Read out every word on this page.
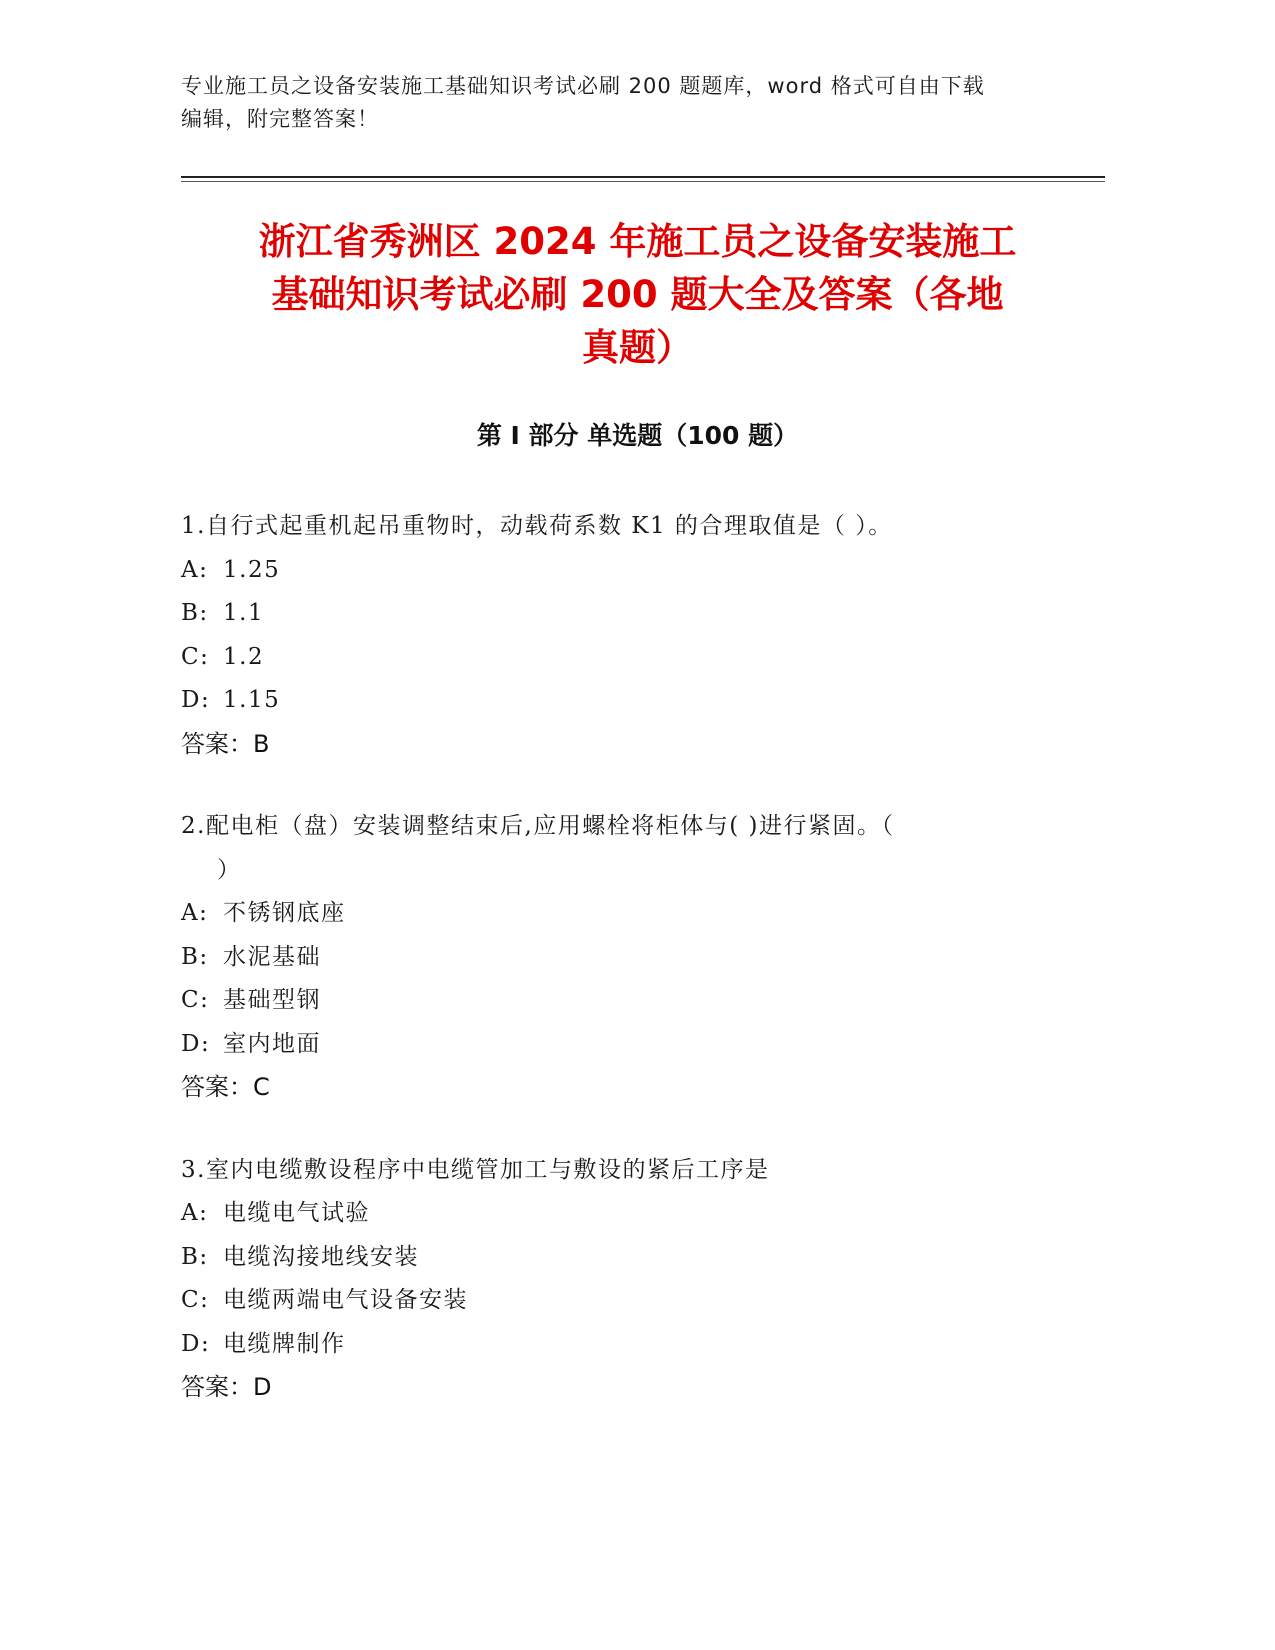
专业施工员之设备安装施工基础知识考试必刷 200 题题库，word 格式可自由下载
编辑，附完整答案！
浙江省秀洲区 2024 年施工员之设备安装施工
基础知识考试必刷 200 题大全及答案（各地
真题）
第 I 部分 单选题（100 题）
1.自行式起重机起吊重物时，动载荷系数 K1 的合理取值是（ ）。
A: 1.25
B: 1.1
C: 1.2
D: 1.15
答案：B
2.配电柜（盘）安装调整结束后,应用螺栓将柜体与( )进行紧固。（
）
A: 不锈钢底座
B: 水泥基础
C: 基础型钢
D: 室内地面
答案：C
3.室内电缆敷设程序中电缆管加工与敷设的紧后工序是
A: 电缆电气试验
B: 电缆沟接地线安装
C: 电缆两端电气设备安装
D: 电缆牌制作
答案：D
